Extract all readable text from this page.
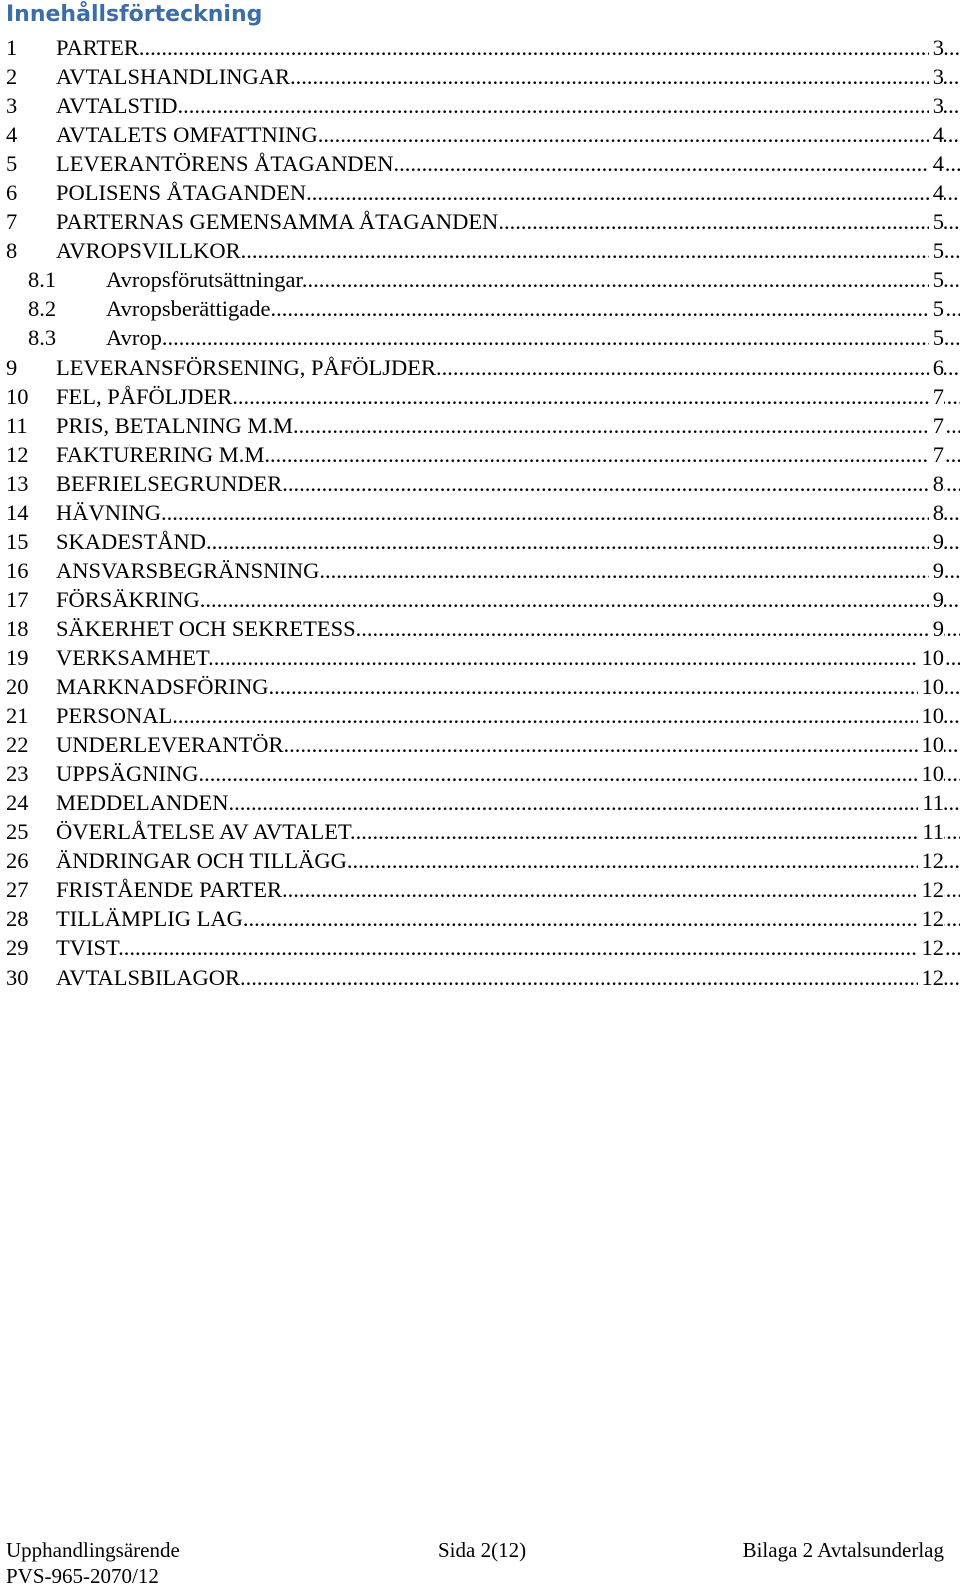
Innehållsförteckning
1 PARTER .....	3
2 AVTALSHANDLINGAR .....	3
3 AVTALSTID .....	3
4 AVTALETS OMFATTNING .....	4
5 LEVERANTÖRENS ÅTAGANDEN .....	4
6 POLISENS ÅTAGANDEN .....	4
7 PARTERNAS GEMENSAMMA ÅTAGANDEN .....	5
8 AVROPSVILLKOR .....	5
8.1 Avropsförutsättningar .....	5
8.2 Avropsberättigade .....	5
8.3 Avrop .....	5
9 LEVERANSFÖRSENING, PÅFÖLJDER .....	6
10 FEL, PÅFÖLJDER .....	7
11 PRIS, BETALNING M.M. .....	7
12 FAKTURERING M.M. .....	7
13 BEFRIELSEGRUNDER .....	8
14 HÄVNING .....	8
15 SKADESTÅND .....	9
16 ANSVARSBEGRÄNSNING .....	9
17 FÖRSÄKRING .....	9
18 SÄKERHET OCH SEKRETESS .....	9
19 VERKSAMHET .....	10
20 MARKNADSFÖRING .....	10
21 PERSONAL .....	10
22 UNDERLEVERANTÖR .....	10
23 UPPSÄGNING .....	10
24 MEDDELANDEN .....	11
25 ÖVERLÅTELSE AV AVTALET .....	11
26 ÄNDRINGAR OCH TILLÄGG .....	12
27 FRISTÅENDE PARTER .....	12
28 TILLÄMPLIG LAG .....	12
29 TVIST .....	12
30 AVTALSBILAGOR .....	12
Upphandlingsärende	Sida 2(12)	Bilaga 2 Avtalsunderlag
PVS-965-2070/12
